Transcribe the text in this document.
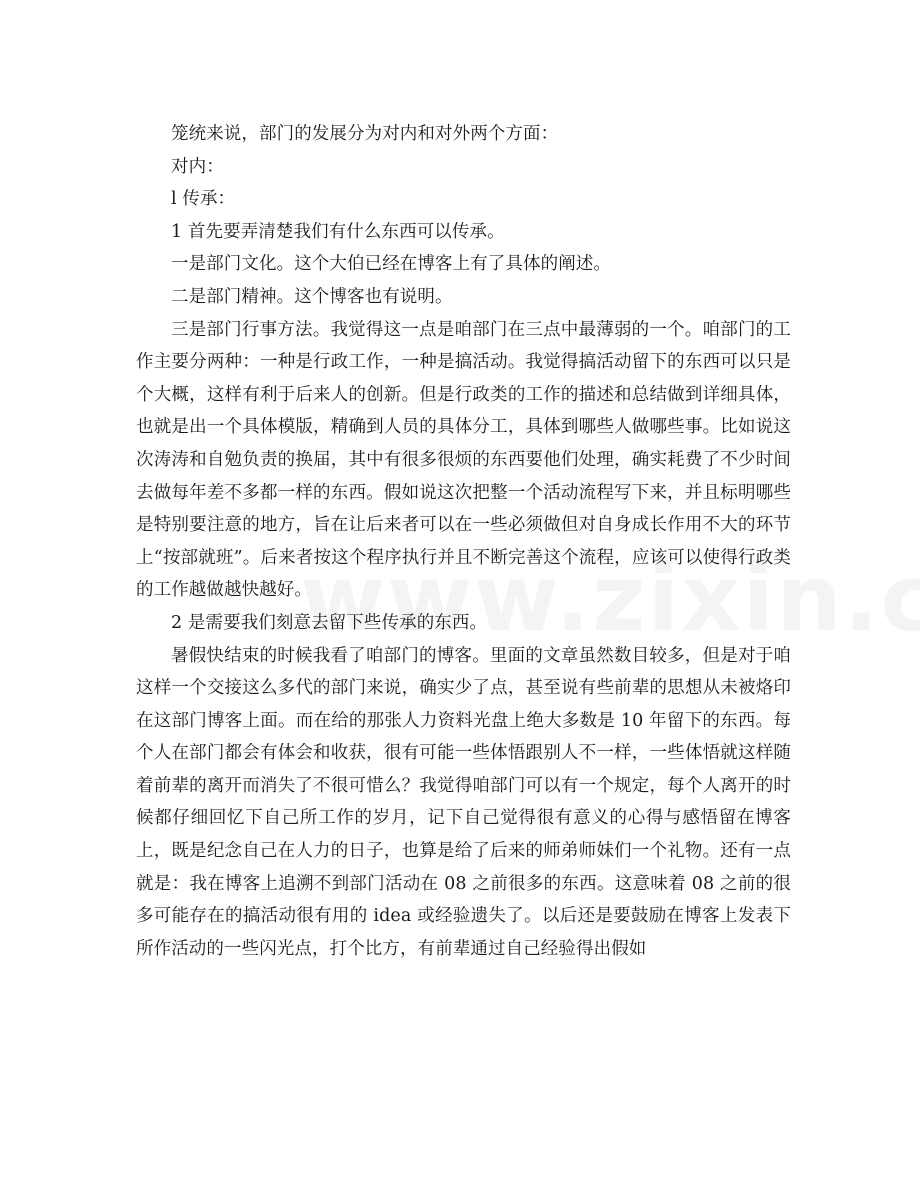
笼统来说，部门的发展分为对内和对外两个方面：

对内：

l 传承：

1 首先要弄清楚我们有什么东西可以传承。

一是部门文化。这个大伯已经在博客上有了具体的阐述。

二是部门精神。这个博客也有说明。

三是部门行事方法。我觉得这一点是咱部门在三点中最薄弱的一个。咱部门的工作主要分两种：一种是行政工作，一种是搞活动。我觉得搞活动留下的东西可以只是个大概，这样有利于后来人的创新。但是行政类的工作的描述和总结做到详细具体，也就是出一个具体模版，精确到人员的具体分工，具体到哪些人做哪些事。比如说这次涛涛和自勉负责的换届，其中有很多很烦的东西要他们处理，确实耗费了不少时间去做每年差不多都一样的东西。假如说这次把整一个活动流程写下来，并且标明哪些是特别要注意的地方，旨在让后来者可以在一些必须做但对自身成长作用不大的环节上“按部就班”。后来者按这个程序执行并且不断完善这个流程，应该可以使得行政类的工作越做越快越好。

2 是需要我们刻意去留下些传承的东西。

暑假快结束的时候我看了咱部门的博客。里面的文章虽然数目较多，但是对于咱这样一个交接这么多代的部门来说，确实少了点，甚至说有些前辈的思想从未被烙印在这部门博客上面。而在给的那张人力资料光盘上绝大多数是 10 年留下的东西。每个人在部门都会有体会和收获，很有可能一些体悟跟别人不一样，一些体悟就这样随着前辈的离开而消失了不很可惜么？我觉得咱部门可以有一个规定，每个人离开的时候都仔细回忆下自己所工作的岁月，记下自己觉得很有意义的心得与感悟留在博客上，既是纪念自己在人力的日子，也算是给了后来的师弟师妹们一个礼物。还有一点就是：我在博客上追溯不到部门活动在 08 之前很多的东西。这意味着 08 之前的很多可能存在的搞活动很有用的 idea 或经验遗失了。以后还是要鼓励在博客上发表下所作活动的一些闪光点，打个比方，有前辈通过自己经验得出假如
